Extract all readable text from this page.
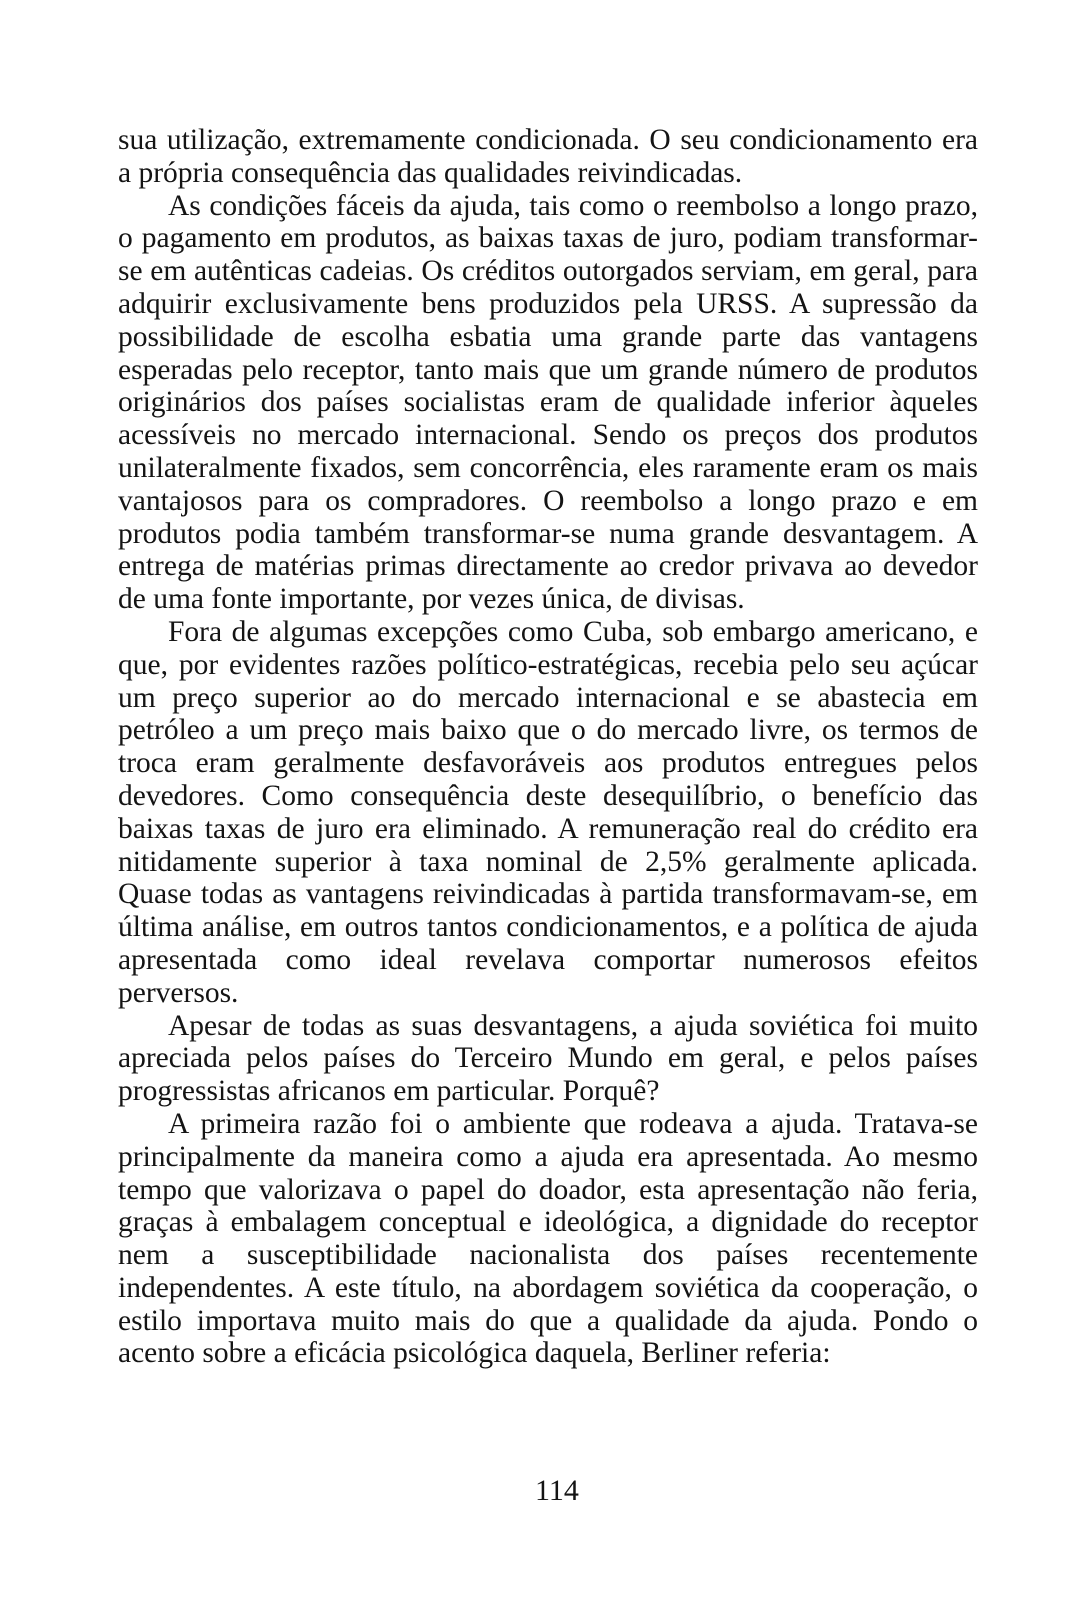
sua utilização, extremamente condicionada. O seu condicionamento era a própria consequência das qualidades reivindicadas.

As condições fáceis da ajuda, tais como o reembolso a longo prazo, o pagamento em produtos, as baixas taxas de juro, podiam transformar-se em autênticas cadeias. Os créditos outorgados serviam, em geral, para adquirir exclusivamente bens produzidos pela URSS. A supressão da possibilidade de escolha esbatia uma grande parte das vantagens esperadas pelo receptor, tanto mais que um grande número de produtos originários dos países socialistas eram de qualidade inferior àqueles acessíveis no mercado internacional. Sendo os preços dos produtos unilateralmente fixados, sem concorrência, eles raramente eram os mais vantajosos para os compradores. O reembolso a longo prazo e em produtos podia também transformar-se numa grande desvantagem. A entrega de matérias primas directamente ao credor privava ao devedor de uma fonte importante, por vezes única, de divisas.

Fora de algumas excepções como Cuba, sob embargo americano, e que, por evidentes razões político-estratégicas, recebia pelo seu açúcar um preço superior ao do mercado internacional e se abastecia em petróleo a um preço mais baixo que o do mercado livre, os termos de troca eram geralmente desfavoráveis aos produtos entregues pelos devedores. Como consequência deste desequilíbrio, o benefício das baixas taxas de juro era eliminado. A remuneração real do crédito era nitidamente superior à taxa nominal de 2,5% geralmente aplicada. Quase todas as vantagens reivindicadas à partida transformavam-se, em última análise, em outros tantos condicionamentos, e a política de ajuda apresentada como ideal revelava comportar numerosos efeitos perversos.

Apesar de todas as suas desvantagens, a ajuda soviética foi muito apreciada pelos países do Terceiro Mundo em geral, e pelos países progressistas africanos em particular. Porquê?

A primeira razão foi o ambiente que rodeava a ajuda. Tratava-se principalmente da maneira como a ajuda era apresentada. Ao mesmo tempo que valorizava o papel do doador, esta apresentação não feria, graças à embalagem conceptual e ideológica, a dignidade do receptor nem a susceptibilidade nacionalista dos países recentemente independentes. A este título, na abordagem soviética da cooperação, o estilo importava muito mais do que a qualidade da ajuda. Pondo o acento sobre a eficácia psicológica daquela, Berliner referia:

114
